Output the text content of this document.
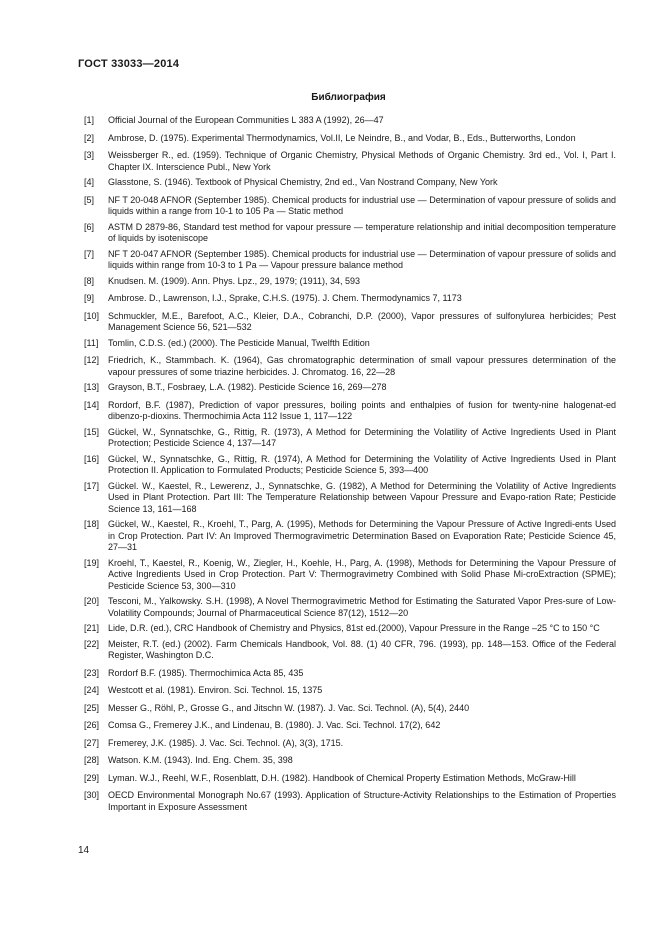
ГОСТ 33033—2014
Библиография
[1]	Official Journal of the European Communities L 383 A (1992), 26—47
[2]	Ambrose, D. (1975). Experimental Thermodynamics, Vol.II, Le Neindre, B., and Vodar, B., Eds., Butterworths, London
[3]	Weissberger R., ed. (1959). Technique of Organic Chemistry, Physical Methods of Organic Chemistry. 3rd ed., Vol. I, Part I. Chapter IX. Interscience Publ., New York
[4]	Glasstone, S. (1946). Textbook of Physical Chemistry, 2nd ed., Van Nostrand Company, New York
[5]	NF T 20-048 AFNOR (September 1985). Chemical products for industrial use — Determination of vapour pressure of solids and liquids within a range from 10-1 to 105 Pa — Static method
[6]	ASTM D 2879-86, Standard test method for vapour pressure — temperature relationship and initial decomposition temperature of liquids by isoteniscope
[7]	NF T 20-047 AFNOR (September 1985). Chemical products for industrial use — Determination of vapour pressure of solids and liquids within range from 10-3 to 1 Pa — Vapour pressure balance method
[8]	Knudsen. M. (1909). Ann. Phys. Lpz., 29, 1979; (1911), 34, 593
[9]	Ambrose. D., Lawrenson, I.J., Sprake, C.H.S. (1975). J. Chem. Thermodynamics 7, 1173
[10] Schmuckler, M.E., Barefoot, A.C., Kleier, D.A., Cobranchi, D.P. (2000), Vapor pressures of sulfonylurea herbicides; Pest Management Science 56, 521—532
[11]	Tomlin, C.D.S. (ed.) (2000). The Pesticide Manual, Twelfth Edition
[12] Friedrich, K., Stammbach. K. (1964), Gas chromatographic determination of small vapour pressures determination of the vapour pressures of some triazine herbicides. J. Chromatog. 16, 22—28
[13] Grayson, B.T., Fosbraey, L.A. (1982). Pesticide Science 16, 269—278
[14] Rordorf, B.F. (1987), Prediction of vapor pressures, boiling points and enthalpies of fusion for twenty-nine halogenat-ed dibenzo-p-dioxins. Thermochimia Acta 112 Issue 1, 117—122
[15] Gückel, W., Synnatschke, G., Rittig, R. (1973), A Method for Determining the Volatility of Active Ingredients Used in Plant Protection; Pesticide Science 4, 137—147
[16] Gückel, W., Synnatschke, G., Rittig, R. (1974), A Method for Determining the Volatility of Active Ingredients Used in Plant Protection II. Application to Formulated Products; Pesticide Science 5, 393—400
[17] Gückel. W., Kaestel, R., Lewerenz, J., Synnatschke, G. (1982), A Method for Determining the Volatility of Active Ingredients Used in Plant Protection. Part III: The Temperature Relationship between Vapour Pressure and Evapo-ration Rate; Pesticide Science 13, 161—168
[18] Gückel, W., Kaestel, R., Kroehl, T., Parg, A. (1995), Methods for Determining the Vapour Pressure of Active Ingredi-ents Used in Crop Protection. Part IV: An Improved Thermogravimetric Determination Based on Evaporation Rate; Pesticide Science 45, 27—31
[19] Kroehl, T., Kaestel, R., Koenig, W., Ziegler, H., Koehle, H., Parg, A. (1998), Methods for Determining the Vapour Pressure of Active Ingredients Used in Crop Protection. Part V: Thermogravimetry Combined with Solid Phase Mi-croExtraction (SPME); Pesticide Science 53, 300—310
[20] Tesconi, M., Yalkowsky. S.H. (1998), A Novel Thermogravimetric Method for Estimating the Saturated Vapor Pres-sure of Low-Volatility Compounds; Journal of Pharmaceutical Science 87(12), 1512—20
[21] Lide, D.R. (ed.), CRC Handbook of Chemistry and Physics, 81st ed.(2000), Vapour Pressure in the Range –25 °C to 150 °C
[22] Meister, R.T. (ed.) (2002). Farm Chemicals Handbook, Vol. 88. (1) 40 CFR, 796. (1993), pp. 148—153. Office of the Federal Register, Washington D.C.
[23] Rordorf B.F. (1985). Thermochimica Acta 85, 435
[24] Westcott et al. (1981). Environ. Sci. Technol. 15, 1375
[25] Messer G., Röhl, P., Grosse G., and Jitschn W. (1987). J. Vac. Sci. Technol. (A), 5(4), 2440
[26] Comsa G., Fremerey J.K., and Lindenau, B. (1980). J. Vac. Sci. Technol. 17(2), 642
[27] Fremerey, J.K. (1985). J. Vac. Sci. Technol. (A), 3(3), 1715.
[28] Watson. K.M. (1943). Ind. Eng. Chem. 35, 398
[29] Lyman. W.J., Reehl, W.F., Rosenblatt, D.H. (1982). Handbook of Chemical Property Estimation Methods, McGraw-Hill
[30] OECD Environmental Monograph No.67 (1993). Application of Structure-Activity Relationships to the Estimation of Properties Important in Exposure Assessment
14
